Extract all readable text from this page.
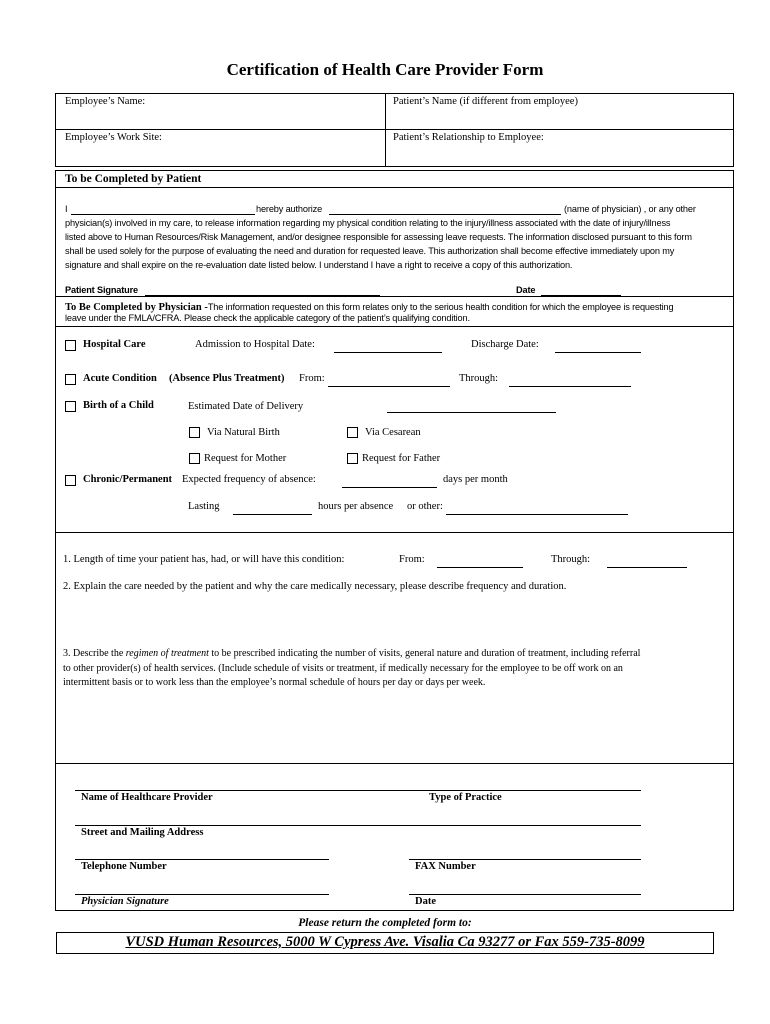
Certification of Health Care Provider Form
Employee’s Name:	Patient’s Name (if different from employee)
Employee’s Work Site:	Patient’s Relationship to Employee:
To be Completed by Patient
I	hereby authorize	(name of physician) , or any other
physician(s) involved in my care, to release information regarding my physical condition relating to the injury/illness associated with the date of injury/illness
listed above to Human Resources/Risk Management, and/or designee responsible for assessing leave requests. The information disclosed pursuant to this form
shall be used solely for the purpose of evaluating the need and duration for requested leave. This authorization shall become effective immediately upon my
signature and shall expire on the re-evaluation date listed below. I understand I have a right to receive a copy of this authorization.
Patient Signature	Date
To Be Completed by Physician -The information requested on this form relates only to the serious health condition for which the employee is requesting
leave under the FMLA/CFRA. Please check the applicable category of the patient’s qualifying condition.
Hospital Care	Admission to Hospital Date:	Discharge Date:
Acute Condition (Absence Plus Treatment) From:	Through:
Birth of a Child	Estimated Date of Delivery
Via Natural Birth	Via Cesarean
Request for Mother	Request for Father
Chronic/Permanent Expected frequency of absence:	days per month
Lasting	hours per absence or other:
1. Length of time your patient has, had, or will have this condition:	From:	Through:
2. Explain the care needed by the patient and why the care medically necessary, please describe frequency and duration.
3. Describe the regimen of treatment to be prescribed indicating the number of visits, general nature and duration of treatment, including referral
to other provider(s) of health services. (Include schedule of visits or treatment, if medically necessary for the employee to be off work on an
intermittent basis or to work less than the employee’s normal schedule of hours per day or days per week.
Name of Healthcare Provider	Type of Practice
Street and Mailing Address
Telephone Number	FAX Number
Physician Signature	Date
Please return the completed form to:
VUSD Human Resources, 5000 W Cypress Ave. Visalia Ca 93277 or Fax 559-735-8099
